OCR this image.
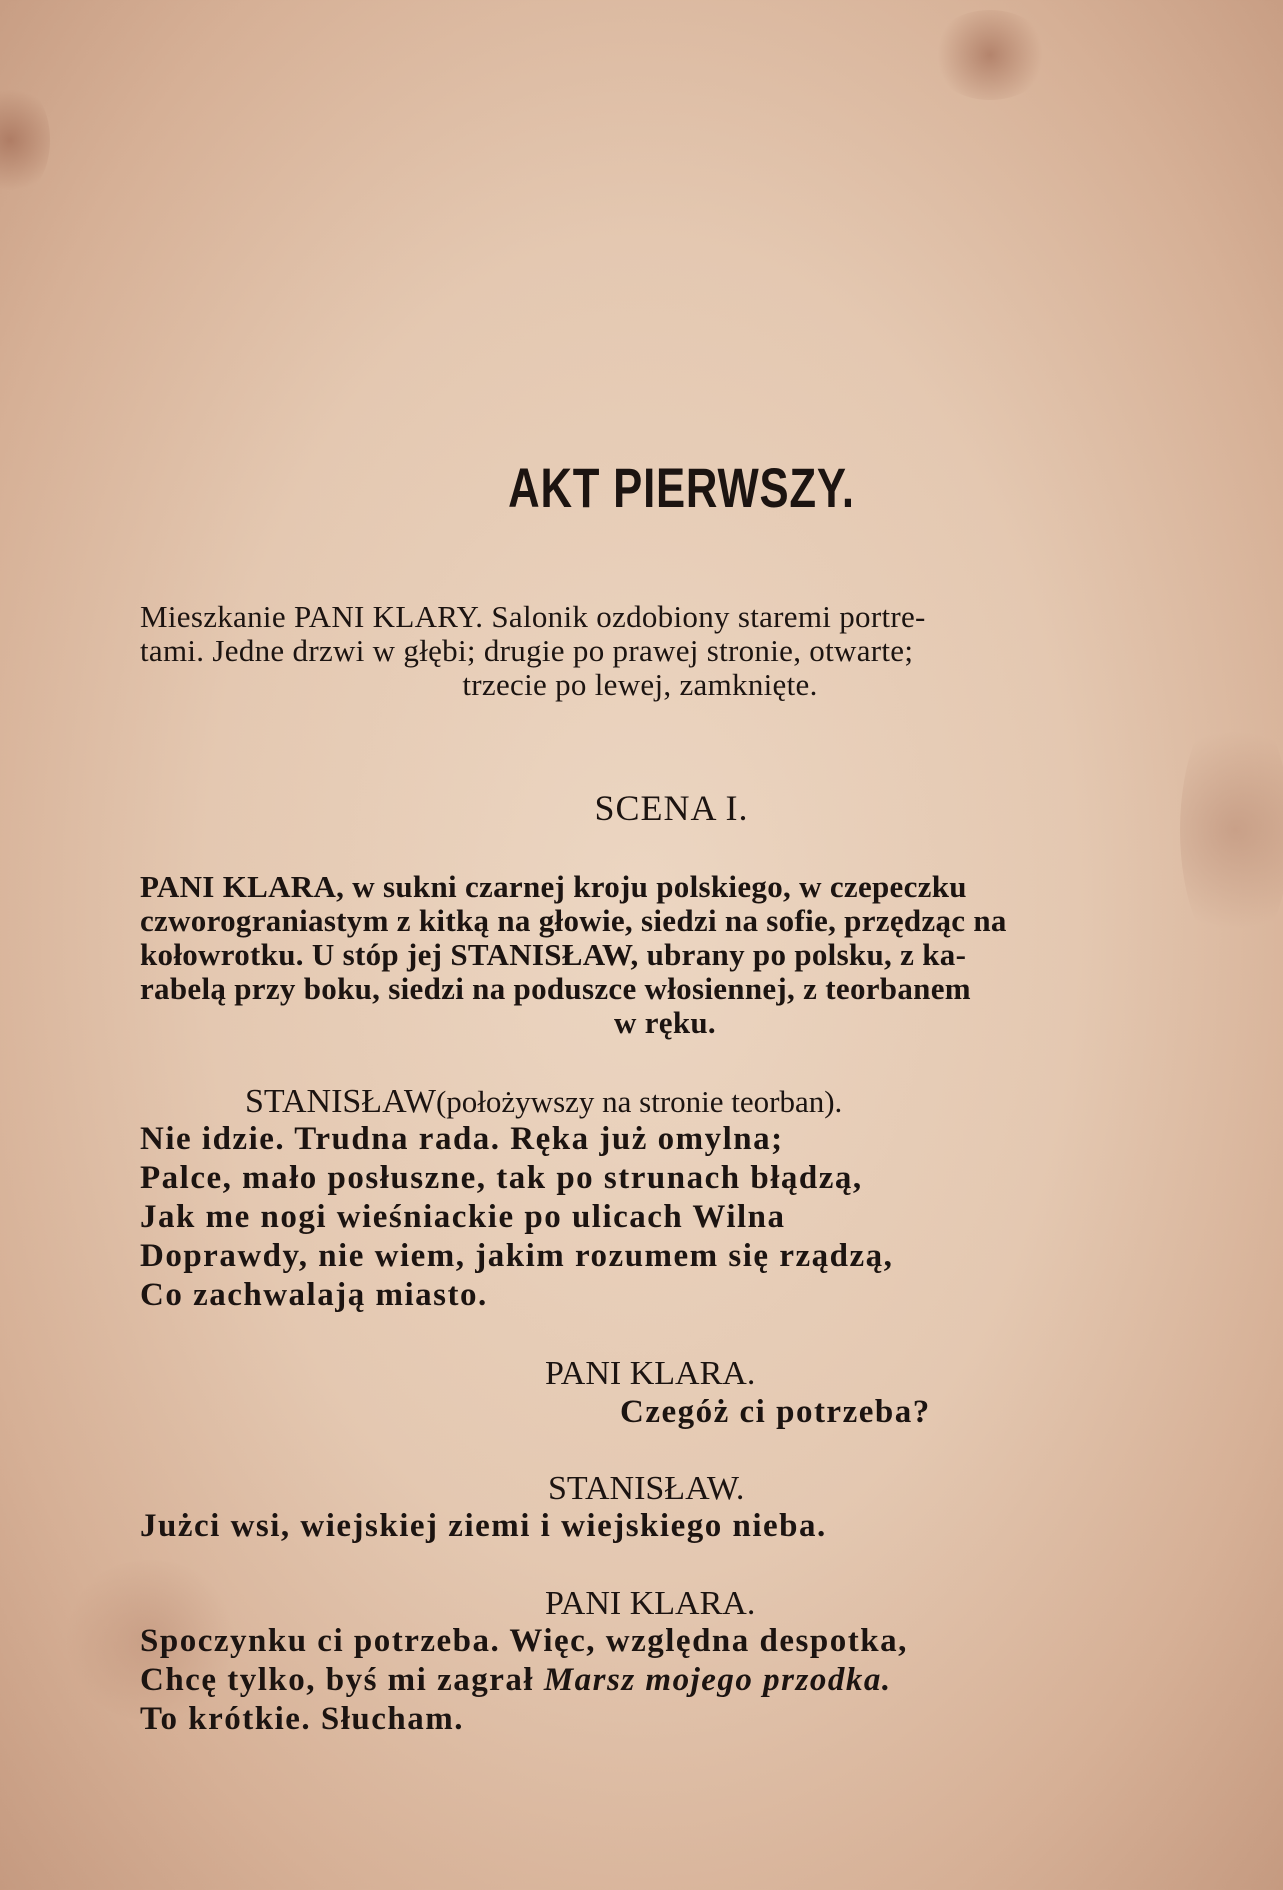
AKT PIERWSZY.
Mieszkanie PANI KLARY. Salonik ozdobiony staremi portre-
tami. Jedne drzwi w głębi; drugie po prawej stronie, otwarte;
trzecie po lewej, zamknięte.
SCENA I.
PANI KLARA, w sukni czarnej kroju polskiego, w czepeczku
czworograniastym z kitką na głowie, siedzi na sofie, przędząc na
kołowrotku. U stóp jej STANISŁAW, ubrany po polsku, z ka-
rabelą przy boku, siedzi na poduszce włosiennej, z teorbanem
w ręku.
STANISŁAW(położywszy na stronie teorban).
Nie idzie. Trudna rada. Ręka już omylna;
Palce, mało posłuszne, tak po strunach błądzą,
Jak me nogi wieśniackie po ulicach Wilna
Doprawdy, nie wiem, jakim rozumem się rządzą,
Co zachwalają miasto.
PANI KLARA.
Czegóż ci potrzeba?
STANISŁAW.
Jużci wsi, wiejskiej ziemi i wiejskiego nieba.
PANI KLARA.
Spoczynku ci potrzeba. Więc, względna despotka,
Chcę tylko, byś mi zagrał Marsz mojego przodka.
To krótkie. Słucham.
